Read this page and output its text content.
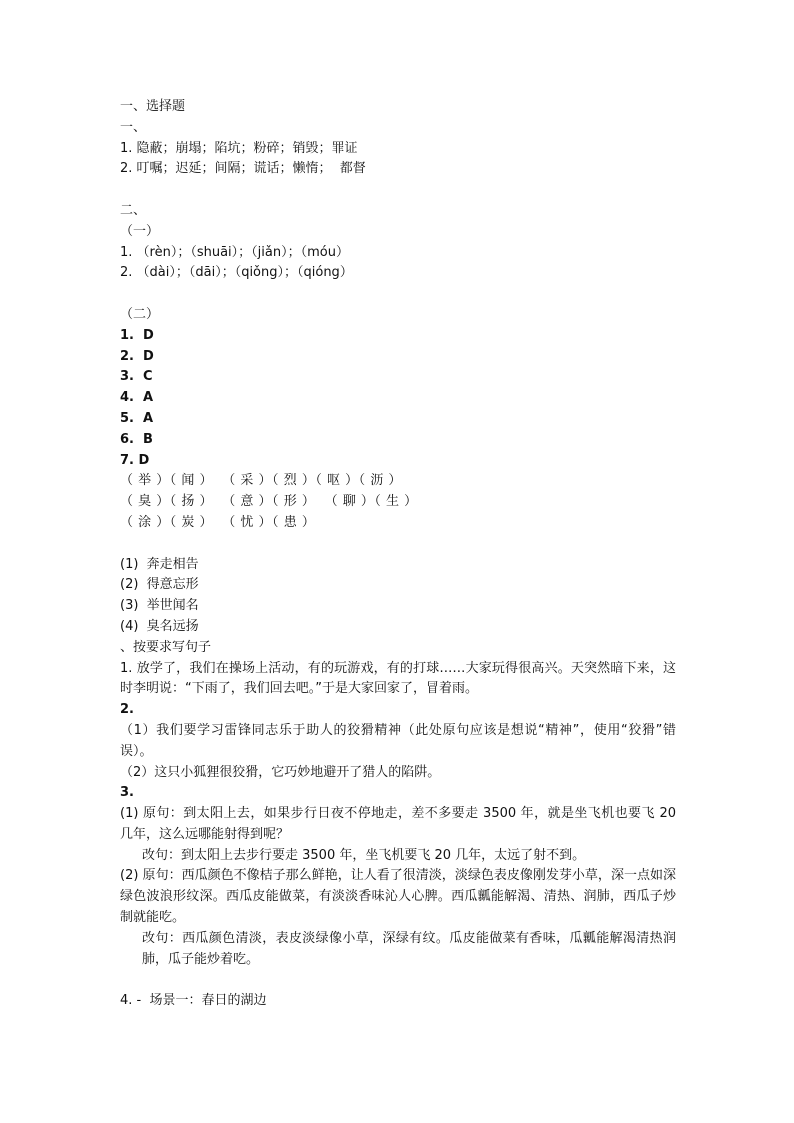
一、选择题
一、
1. 隐蔽；崩塌；陷坑；粉碎；销毁；罪证
2. 叮嘱；迟延；间隔；谎话；懒惰；  都督
二、
（一）
1. （rèn）；（shuāi）；（jiǎn）；（móu）
2. （dài）；（dāi）；（qiǒng）；（qióng）
（二）
1.  D
2.  D
3.  C
4.  A
5.  A
6.  B
7. D
（ 举 ）（ 闻 ）  （ 采 ）（ 烈 ）（ 呕 ）（ 沥 ）
（ 臭 ）（ 扬 ）  （ 意 ）（ 形 ）  （ 聊 ）（ 生 ）
（ 涂 ）（ 炭 ）  （ 忧 ）（ 患 ）
(1)  奔走相告
(2)  得意忘形
(3)  举世闻名
(4)  臭名远扬
、按要求写句子
1. 放学了，我们在操场上活动，有的玩游戏，有的打球……大家玩得很高兴。天突然暗下来，这时李明说：“下雨了，我们回去吧。”于是大家回家了，冒着雨。
2.
（1）我们要学习雷锋同志乐于助人的狡猾精神（此处原句应该是想说“精神”，使用“狡猾”错误）。
（2）这只小狐狸很狡猾，它巧妙地避开了猎人的陷阱。
3.
(1) 原句：到太阳上去，如果步行日夜不停地走，差不多要走 3500 年，就是坐飞机也要飞 20 几年，这么远哪能射得到呢？
改句：到太阳上去步行要走 3500 年，坐飞机要飞 20 几年，太远了射不到。
(2) 原句：西瓜颜色不像桔子那么鲜艳，让人看了很清淡，淡绿色表皮像刚发芽小草，深一点如深绿色波浪形纹深。西瓜皮能做菜，有淡淡香味沁人心脾。西瓜瓤能解渴、清热、润肺，西瓜子炒制就能吃。
改句：西瓜颜色清淡，表皮淡绿像小草，深绿有纹。瓜皮能做菜有香味，瓜瓤能解渴清热润肺，瓜子能炒着吃。
4. -  场景一：春日的湖边
